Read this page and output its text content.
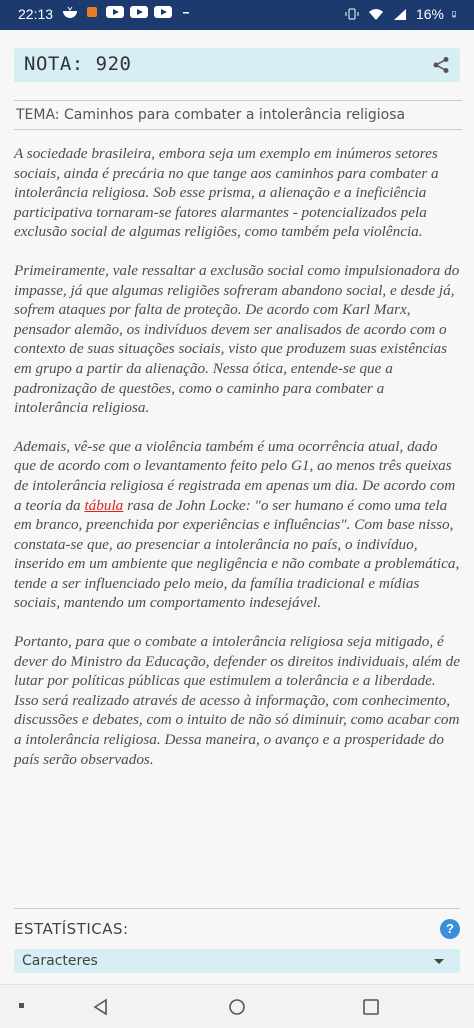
22:13	16%
NOTA: 920
TEMA: Caminhos para combater a intolerância religiosa

A sociedade brasileira, embora seja um exemplo em inúmeros setores sociais, ainda é precária no que tange aos caminhos para combater a intolerância religiosa. Sob esse prisma, a alienação e a ineficiência participativa tornaram-se fatores alarmantes - potencializados pela exclusão social de algumas religiões, como também pela violência.

Primeiramente, vale ressaltar a exclusão social como impulsionadora do impasse, já que algumas religiões sofreram abandono social, e desde já, sofrem ataques por falta de proteção. De acordo com Karl Marx, pensador alemão, os indivíduos devem ser analisados de acordo com o contexto de suas situações sociais, visto que produzem suas existências em grupo a partir da alienação. Nessa ótica, entende-se que a padronização de questões, como o caminho para combater a intolerância religiosa.

Ademais, vê-se que a violência também é uma ocorrência atual, dado que de acordo com o levantamento feito pelo G1, ao menos três queixas de intolerância religiosa é registrada em apenas um dia. De acordo com a teoria da tábula rasa de John Locke: "o ser humano é como uma tela em branco, preenchida por experiências e influências". Com base nisso, constata-se que, ao presenciar a intolerância no país, o indivíduo, inserido em um ambiente que negligência e não combate a problemática, tende a ser influenciado pelo meio, da família tradicional e mídias sociais, mantendo um comportamento indesejável.

Portanto, para que o combate a intolerância religiosa seja mitigado, é dever do Ministro da Educação, defender os direitos individuais, além de lutar por políticas públicas que estimulem a tolerância e a liberdade. Isso será realizado através de acesso à informação, com conhecimento, discussões e debates, com o intuito de não só diminuir, como acabar com a intolerância religiosa. Dessa maneira, o avanço e a prosperidade do país serão observados.

ESTATÍSTICAS:	?
Caracteres
